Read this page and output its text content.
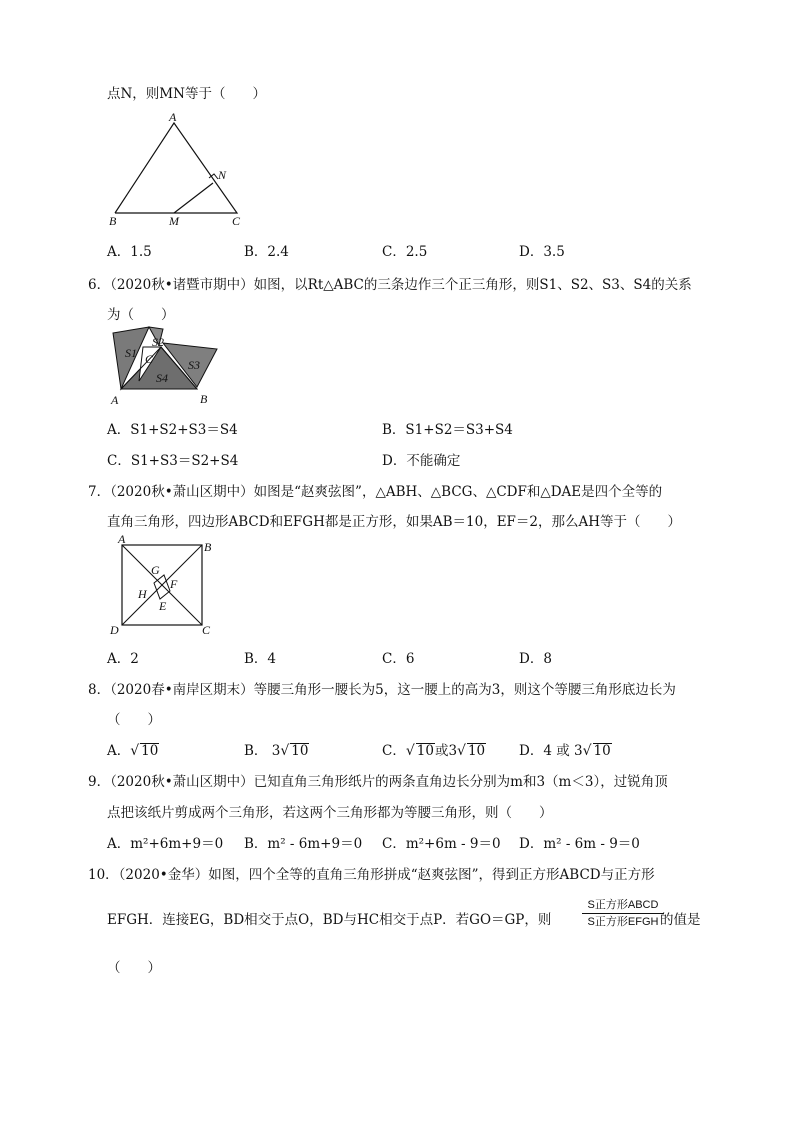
点N，则MN等于（　　）
A
B	M	C
N
A．1.5	B．2.4	C．2.5	D．3.5
6．（2020秋•诸暨市期中）如图，以Rt△ABC的三条边作三个正三角形，则S1、S2、S3、S4的关系
为（　　）
S1
S2
S3
S4
C
A	B
A．S1+S2+S3＝S4	B．S1+S2＝S3+S4
C．S1+S3＝S2+S4	D．不能确定
7．（2020秋•萧山区期中）如图是“赵爽弦图”，△ABH、△BCG、△CDF和△DAE是四个全等的
直角三角形，四边形ABCD和EFGH都是正方形，如果AB＝10，EF＝2，那么AH等于（　　）
A
B
C
D
E
F
G
H
A．2	B．4	C．6	D．8
8．（2020春•南岸区期末）等腰三角形一腰长为5，这一腰上的高为3，则这个等腰三角形底边长为
（　　）
A．√ 10	B． 3√ 10	C．√ 10或3√ 10	D．4 或 3√ 10
9．（2020秋•萧山区期中）已知直角三角形纸片的两条直角边长分别为m和3（m＜3），过锐角顶
点把该纸片剪成两个三角形，若这两个三角形都为等腰三角形，则（　　）
A．m²+6m+9＝0 B．m² - 6m+9＝0 C．m²+6m - 9＝0 D．m² - 6m - 9＝0
10．（2020•金华）如图，四个全等的直角三角形拼成“赵爽弦图”，得到正方形ABCD与正方形
EFGH．连接EG，BD相交于点O，BD与HC相交于点P．若GO＝GP，则
S正方形ABCD
S正方形EFGH 的值是
（　　）
